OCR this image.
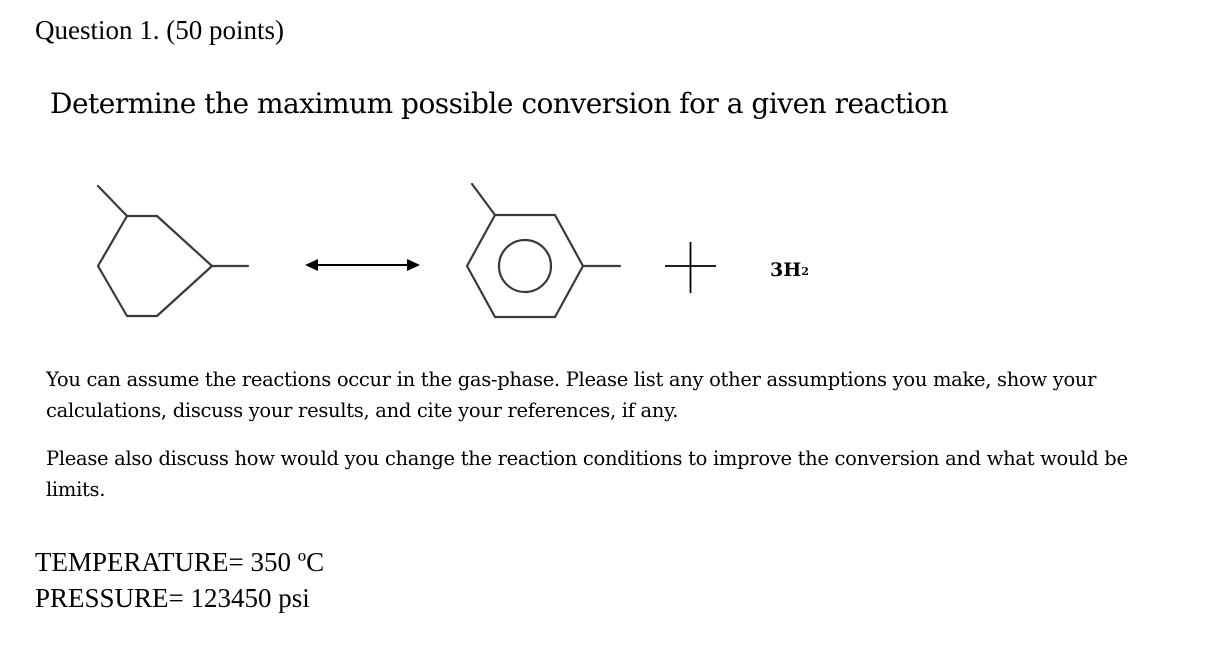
Question 1. (50 points)
Determine the maximum possible conversion for a given reaction
3H2

You can assume the reactions occur in the gas-phase. Please list any other assumptions you make, show your calculations, discuss your results, and cite your references, if any.

Please also discuss how would you change the reaction conditions to improve the conversion and what would be limits.

TEMPERATURE= 350 ºC

PRESSURE= 123450 psi
